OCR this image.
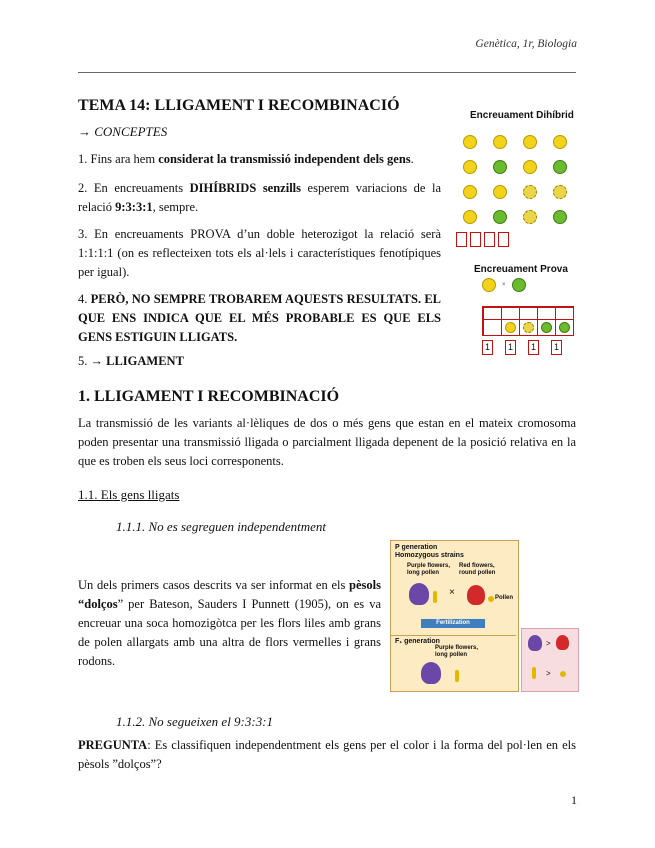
Genètica, 1r, Biologia
TEMA 14: LLIGAMENT I RECOMBINACIÓ
→ CONCEPTES
1. Fins ara hem considerat la transmissió independent dels gens.
2. En encreuaments DIHÍBRIDS senzills esperem variacions de la relació 9:3:3:1, sempre.
3. En encreuaments PROVA d’un doble heterozigot la relació serà 1:1:1:1 (on es reflecteixen tots els al·lels i característiques fenotípiques per igual).
4. PERÒ, NO SEMPRE TROBAREM AQUESTS RESULTATS. EL QUE ENS INDICA QUE EL MÉS PROBABLE ES QUE ELS GENS ESTIGUIN LLIGATS.
5. → LLIGAMENT
Encreuament Dihíbrid
Encreuament Prova
×
1	1	1	1
1. LLIGAMENT I RECOMBINACIÓ
La transmissió de les variants al·lèliques de dos o més gens que estan en el mateix cromosoma poden presentar una transmissió lligada o parcialment lligada depenent de la posició relativa en la que es troben els seus loci corresponents.
1.1. Els gens lligats
1.1.1. No es segreguen independentment
Un dels primers casos descrits va ser informat en els pèsols “dolços” per Bateson, Sauders I Punnett (1905), on es va encreuar una soca homozigòtca per les flors liles amb grans de polen allargats amb una altra de flors vermelles i grans rodons.
P generation
Homozygous strains
Purple flowers, long pollen
Red flowers, round pollen
×	Pollen
Fertilization
F₁ generation
Purple flowers, long pollen
>
>
1.1.2. No segueixen el 9:3:3:1
PREGUNTA: Es classifiquen independentment els gens per el color i la forma del pol·len en els pèsols ”dolços”?
1
